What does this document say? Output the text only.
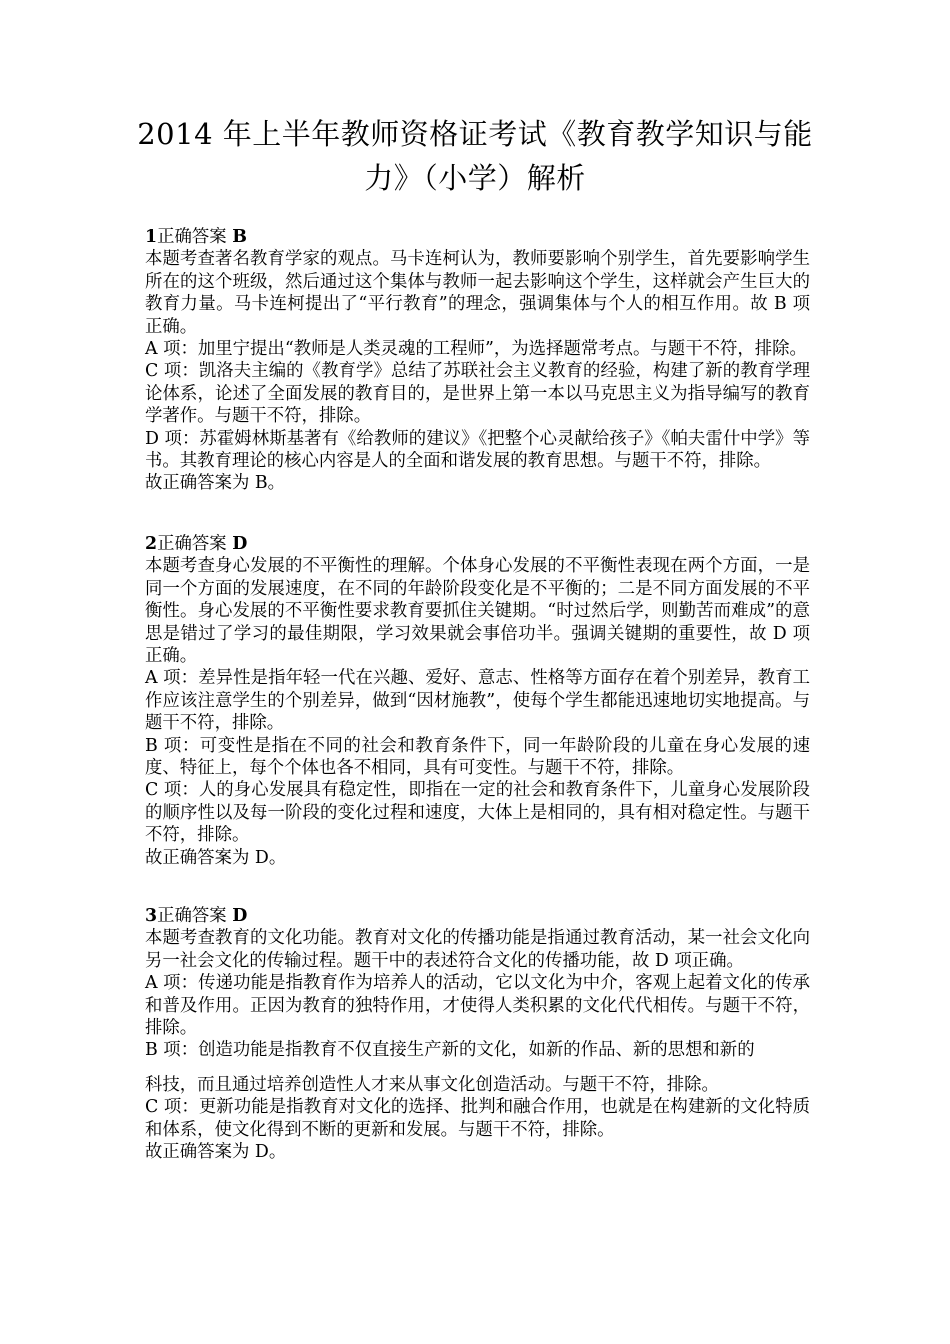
2014 年上半年教师资格证考试《教育教学知识与能
力》（小学）解析

1正确答案 B

本题考查著名教育学家的观点。马卡连柯认为，教师要影响个别学生，首先要影响学生所在的这个班级，然后通过这个集体与教师一起去影响这个学生，这样就会产生巨大的教育力量。马卡连柯提出了“平行教育”的理念，强调集体与个人的相互作用。故 B 项正确。

A 项：加里宁提出“教师是人类灵魂的工程师”，为选择题常考点。与题干不符，排除。

C 项：凯洛夫主编的《教育学》总结了苏联社会主义教育的经验，构建了新的教育学理论体系，论述了全面发展的教育目的，是世界上第一本以马克思主义为指导编写的教育学著作。与题干不符，排除。

D 项：苏霍姆林斯基著有《给教师的建议》《把整个心灵献给孩子》《帕夫雷什中学》等书。其教育理论的核心内容是人的全面和谐发展的教育思想。与题干不符，排除。

故正确答案为 B。

2正确答案 D

本题考查身心发展的不平衡性的理解。个体身心发展的不平衡性表现在两个方面，一是同一个方面的发展速度，在不同的年龄阶段变化是不平衡的；二是不同方面发展的不平衡性。身心发展的不平衡性要求教育要抓住关键期。“时过然后学，则勤苦而难成”的意思是错过了学习的最佳期限，学习效果就会事倍功半。强调关键期的重要性，故 D 项正确。

A 项：差异性是指年轻一代在兴趣、爱好、意志、性格等方面存在着个别差异，教育工作应该注意学生的个别差异，做到“因材施教”，使每个学生都能迅速地切实地提高。与题干不符，排除。

B 项：可变性是指在不同的社会和教育条件下，同一年龄阶段的儿童在身心发展的速度、特征上，每个个体也各不相同，具有可变性。与题干不符，排除。

C 项：人的身心发展具有稳定性，即指在一定的社会和教育条件下，儿童身心发展阶段的顺序性以及每一阶段的变化过程和速度，大体上是相同的，具有相对稳定性。与题干不符，排除。

故正确答案为 D。

3正确答案 D

本题考查教育的文化功能。教育对文化的传播功能是指通过教育活动，某一社会文化向另一社会文化的传输过程。题干中的表述符合文化的传播功能，故 D 项正确。

A 项：传递功能是指教育作为培养人的活动，它以文化为中介，客观上起着文化的传承和普及作用。正因为教育的独特作用，才使得人类积累的文化代代相传。与题干不符，排除。

B 项：创造功能是指教育不仅直接生产新的文化，如新的作品、新的思想和新的

科技，而且通过培养创造性人才来从事文化创造活动。与题干不符，排除。

C 项：更新功能是指教育对文化的选择、批判和融合作用，也就是在构建新的文化特质和体系，使文化得到不断的更新和发展。与题干不符，排除。

故正确答案为 D。
